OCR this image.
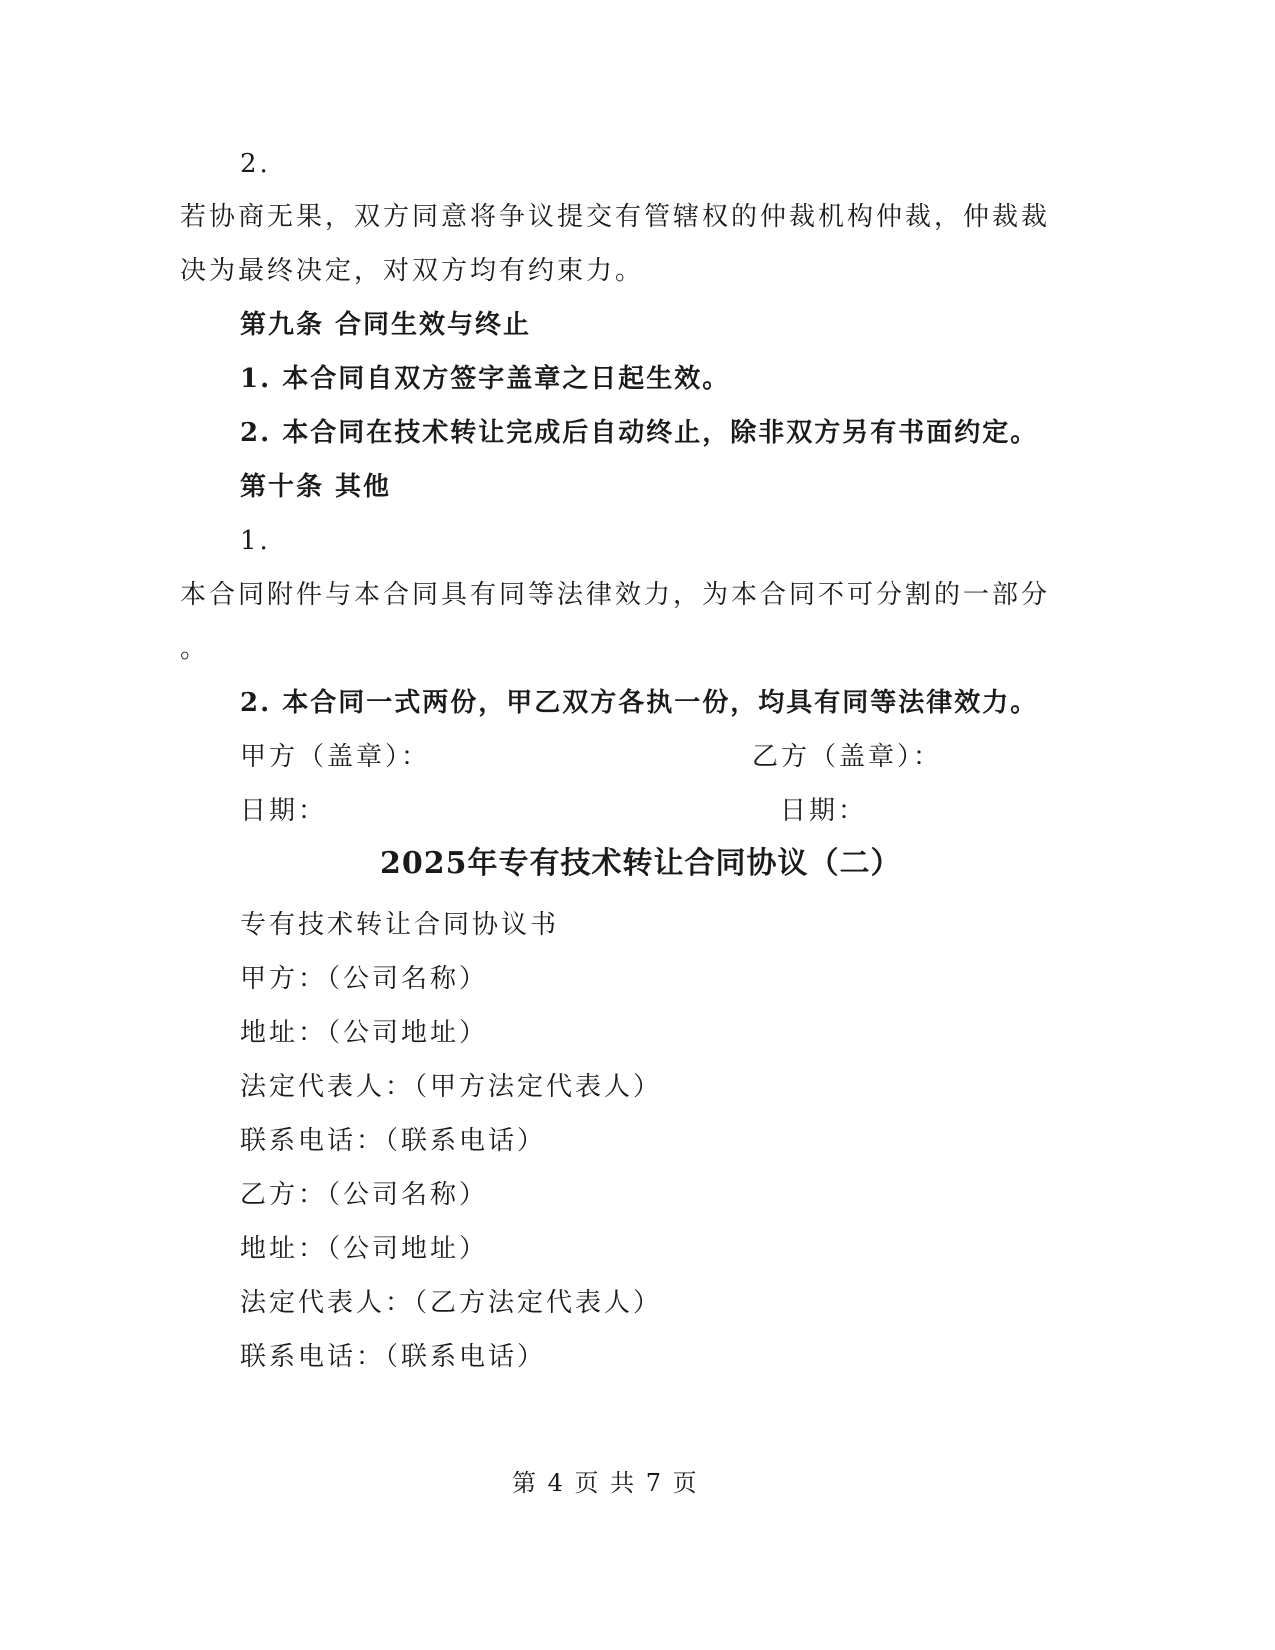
2.
若协商无果，双方同意将争议提交有管辖权的仲裁机构仲裁，仲裁裁
决为最终决定，对双方均有约束力。
第九条 合同生效与终止
1. 本合同自双方签字盖章之日起生效。
2. 本合同在技术转让完成后自动终止，除非双方另有书面约定。
第十条 其他
1.
本合同附件与本合同具有同等法律效力，为本合同不可分割的一部分
。
2. 本合同一式两份，甲乙双方各执一份，均具有同等法律效力。
甲方（盖章）：	乙方（盖章）：
日期：	日期：
2025年专有技术转让合同协议（二）
专有技术转让合同协议书
甲方：（公司名称）
地址：（公司地址）
法定代表人：（甲方法定代表人）
联系电话：（联系电话）
乙方：（公司名称）
地址：（公司地址）
法定代表人：（乙方法定代表人）
联系电话：（联系电话）
第 4 页 共 7 页
